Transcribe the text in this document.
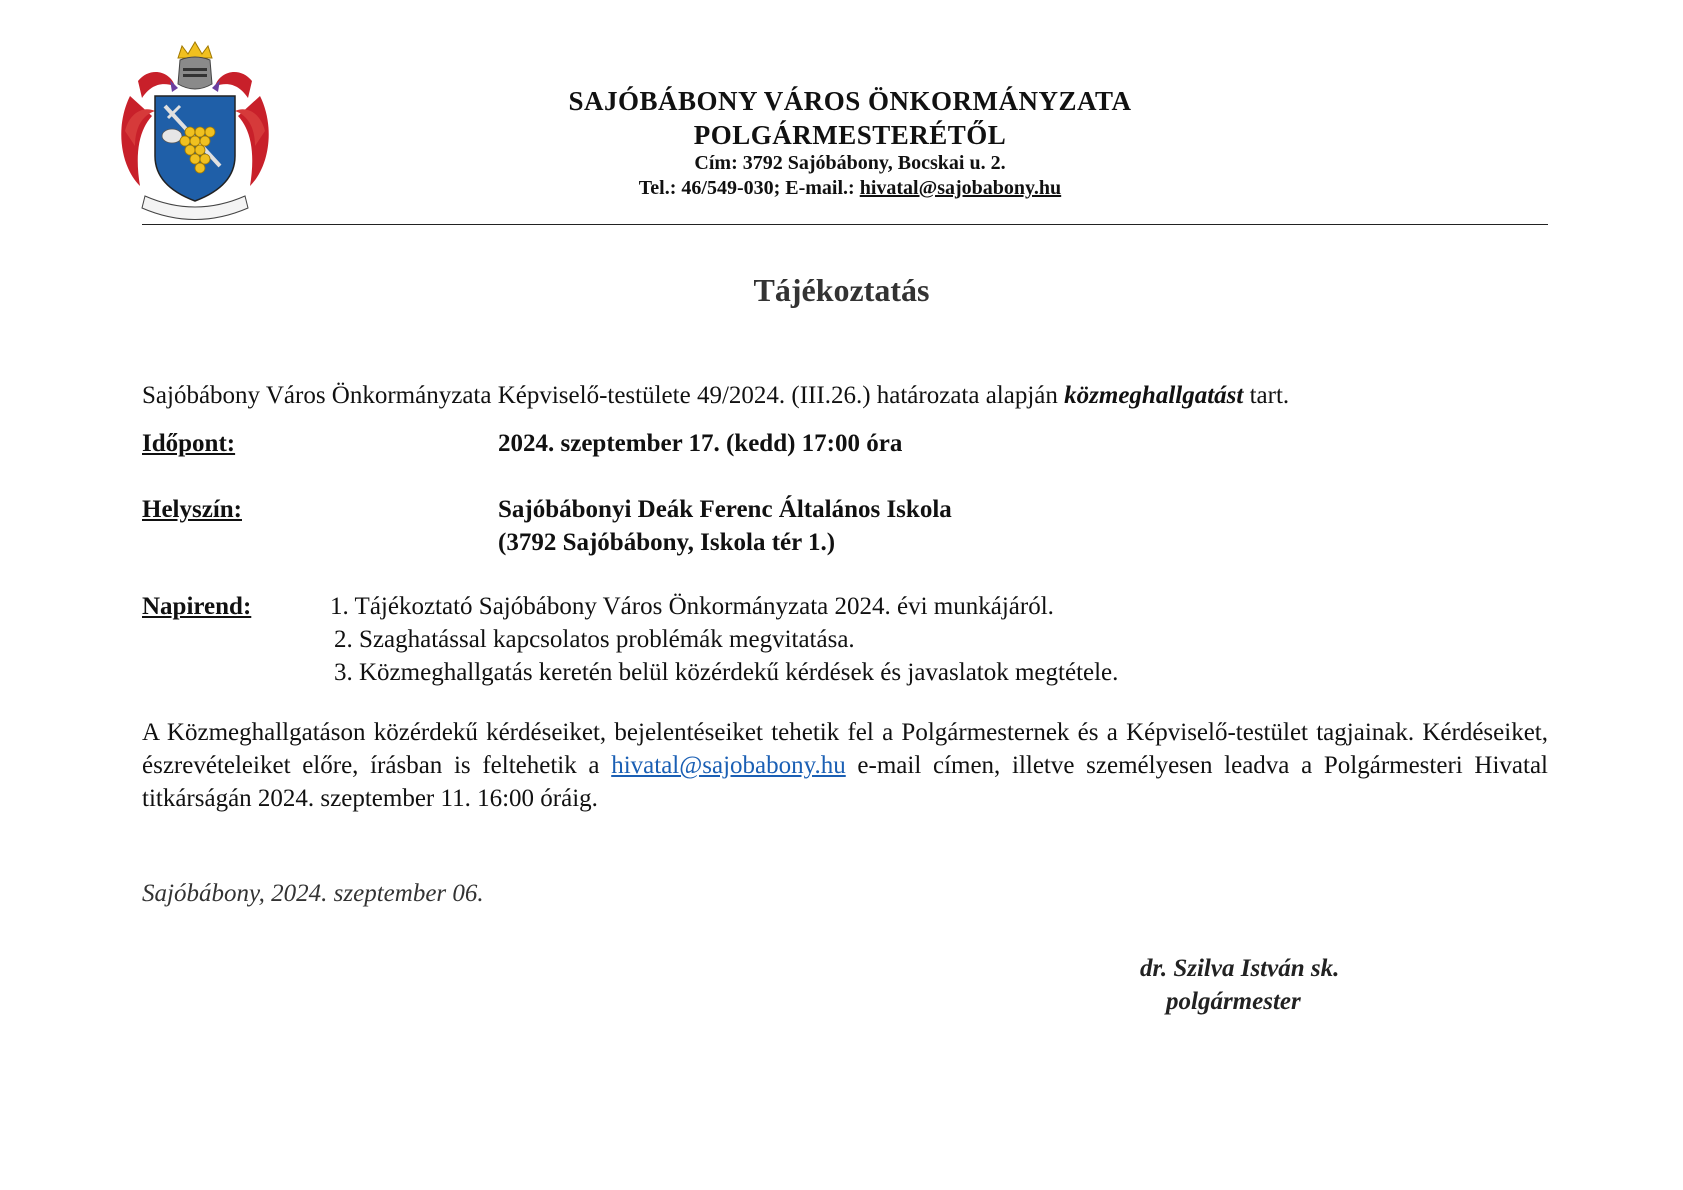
SAJÓBÁBONY VÁROS ÖNKORMÁNYZATA
POLGÁRMESTERÉTŐL
Cím: 3792 Sajóbábony, Bocskai u. 2.
Tel.: 46/549-030; E-mail.: hivatal@sajobabony.hu
Tájékoztatás
Sajóbábony Város Önkormányzata Képviselő-testülete 49/2024. (III.26.) határozata alapján közmeghallgatást tart.
Időpont:	2024. szeptember 17. (kedd) 17:00 óra
Helyszín:	Sajóbábonyi Deák Ferenc Általános Iskola
(3792 Sajóbábony, Iskola tér 1.)
Napirend:	1. Tájékoztató Sajóbábony Város Önkormányzata 2024. évi munkájáról.
2. Szaghatással kapcsolatos problémák megvitatása.
3. Közmeghallgatás keretén belül közérdekű kérdések és javaslatok megtétele.
A Közmeghallgatáson közérdekű kérdéseiket, bejelentéseiket tehetik fel a Polgármesternek és a Képviselő-testület tagjainak. Kérdéseiket, észrevételeiket előre, írásban is feltehetik a hivatal@sajobabony.hu e-mail címen, illetve személyesen leadva a Polgármesteri Hivatal titkárságán 2024. szeptember 11. 16:00 óráig.
Sajóbábony, 2024. szeptember 06.
dr. Szilva István sk.
polgármester
